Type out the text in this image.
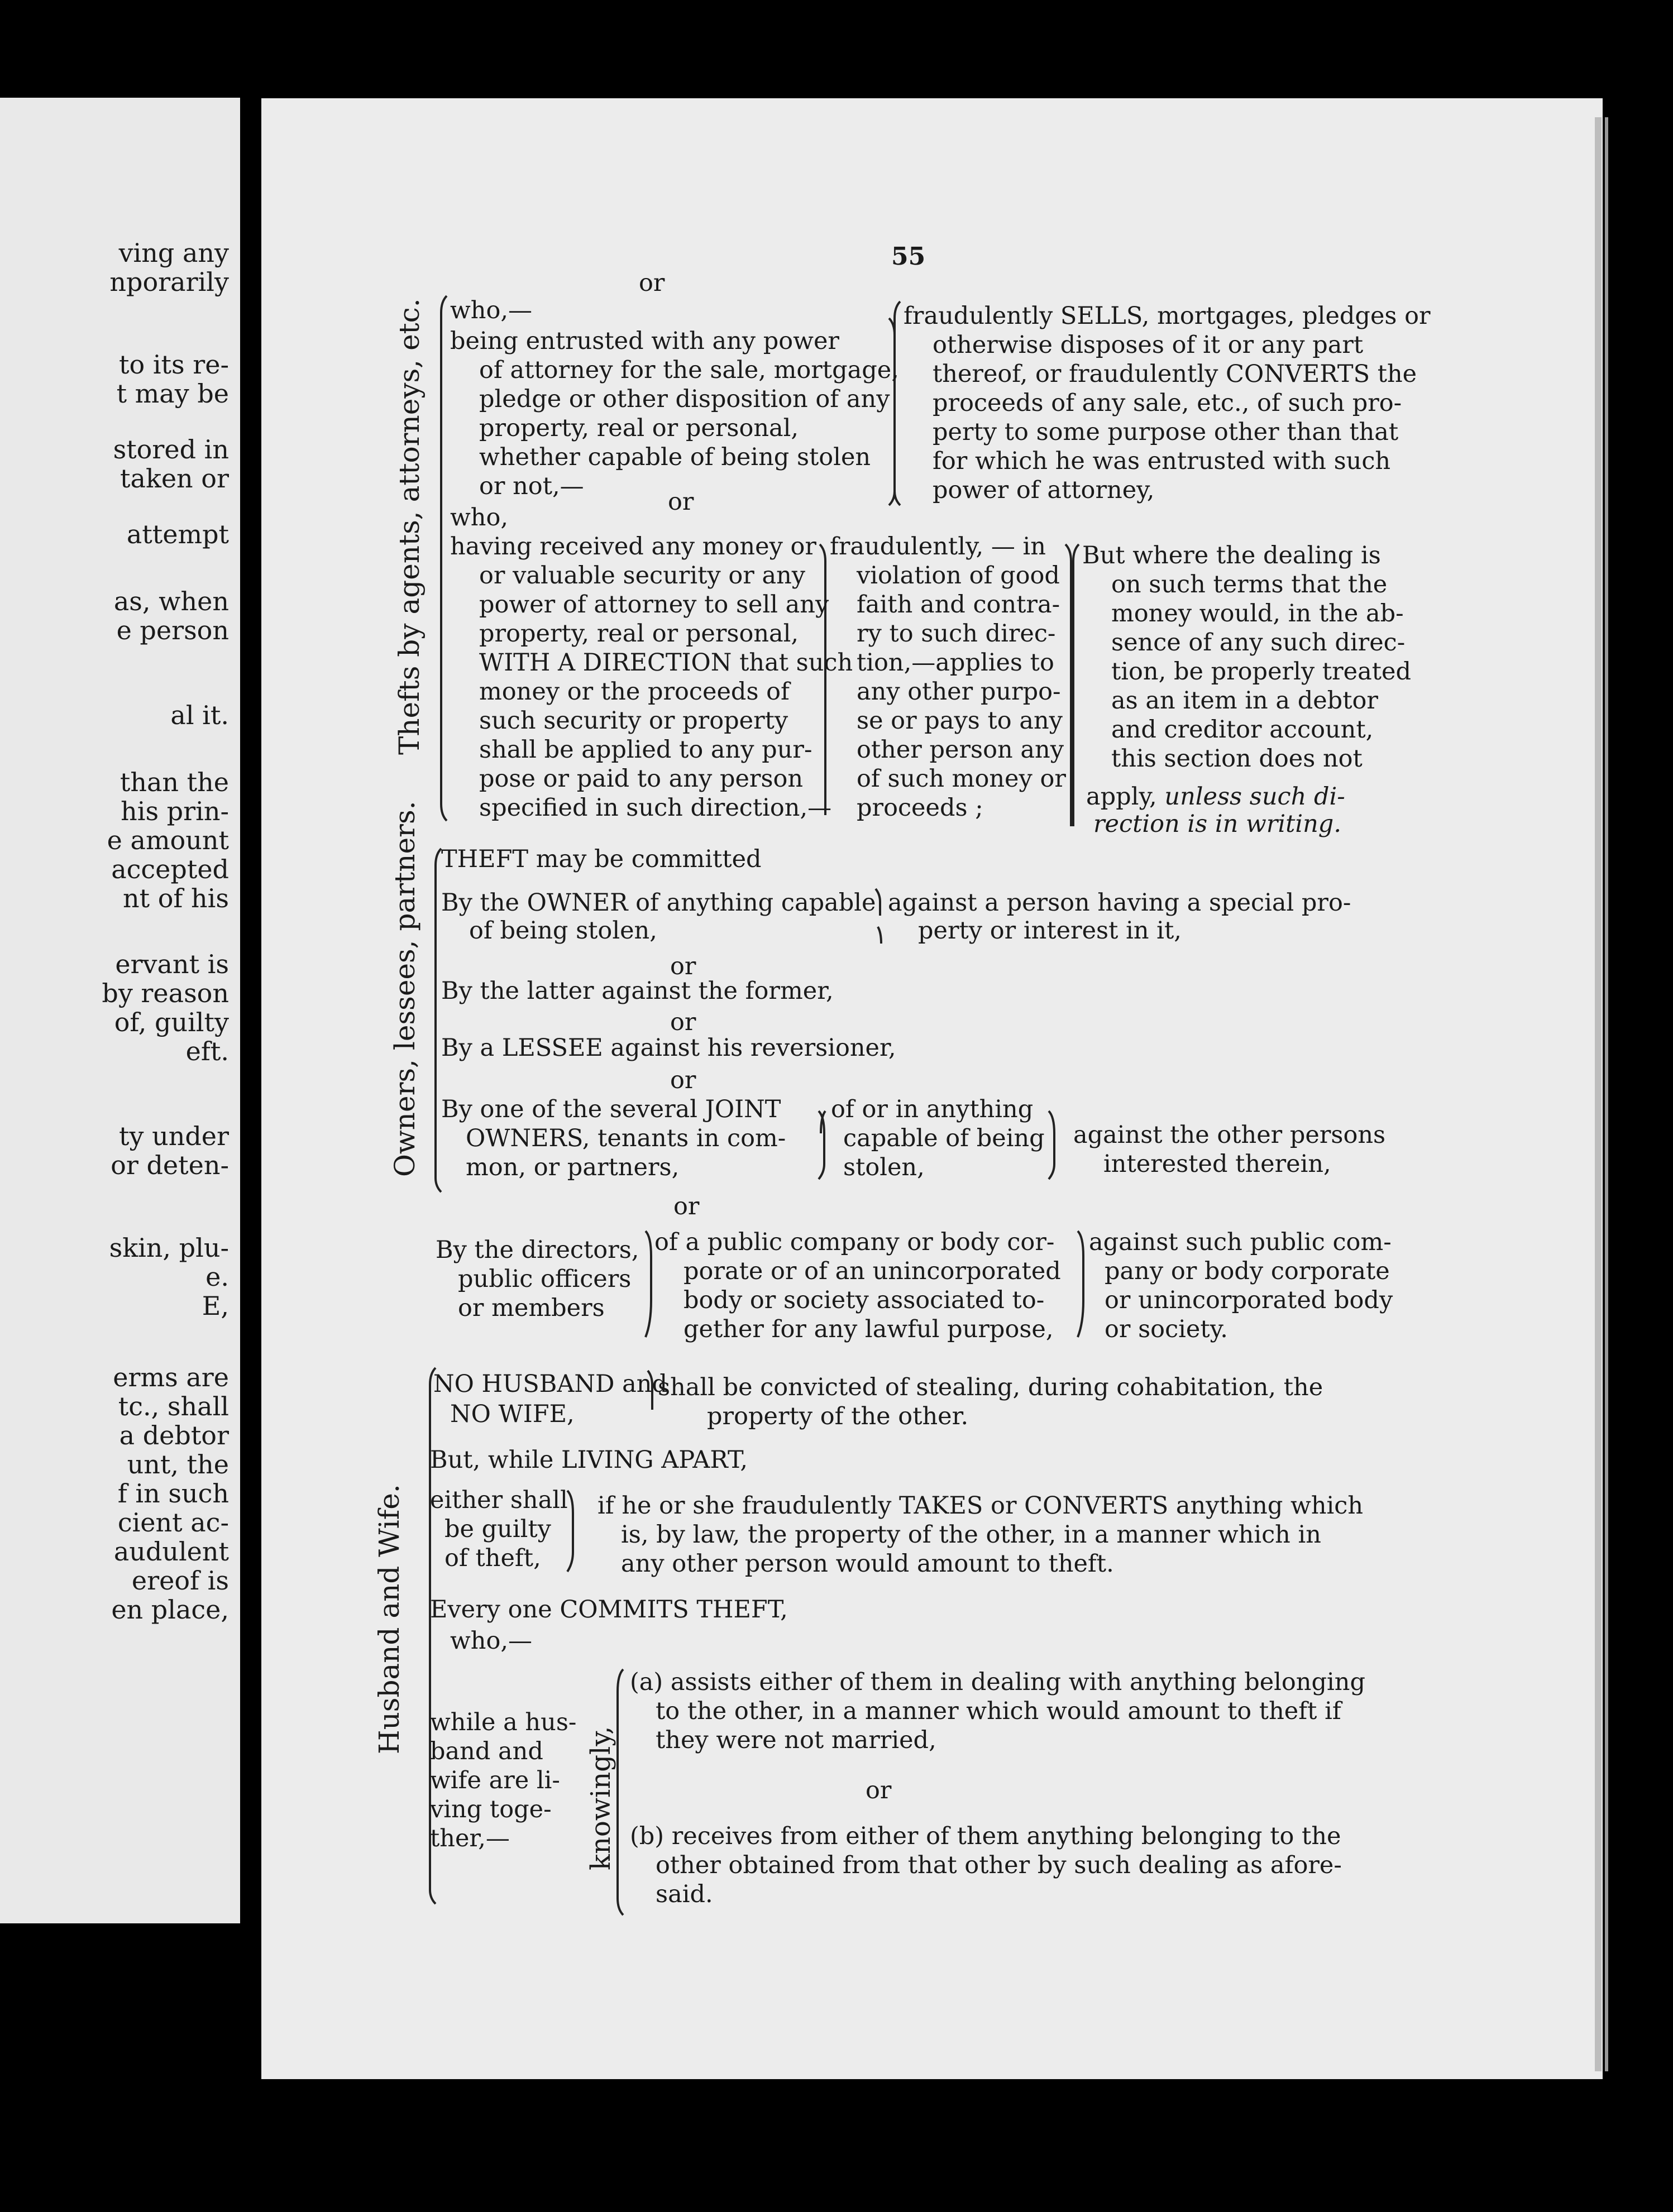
ving any
nporarily
to its re-
t may be
stored in
taken or
attempt
as, when
e person
al it.
than the
his prin-
e amount
accepted
nt of his
ervant is
by reason
of, guilty
eft.
ty under
or deten-
skin, plu-
e.
E,
erms are
tc., shall
a debtor
unt, the
f in such
cient ac-
audulent
ereof is
en place,
55
Thefts by agents, attorneys, etc.
Owners, lessees, partners.
Husband and Wife.
or
who,—
being entrusted with any power
of attorney for the sale, mortgage,
pledge or other disposition of any
property, real or personal,
whether capable of being stolen
or not,—
or
fraudulently SELLS, mortgages, pledges or
otherwise disposes of it or any part
thereof, or fraudulently CONVERTS the
proceeds of any sale, etc., of such pro-
perty to some purpose other than that
for which he was entrusted with such
power of attorney,
who,
having received any money or
or valuable security or any
power of attorney to sell any
property, real or personal,
WITH A DIRECTION that such
money or the proceeds of
such security or property
shall be applied to any pur-
pose or paid to any person
specified in such direction,—
fraudulently, — in
violation of good
faith and contra-
ry to such direc-
tion,—applies to
any other purpo-
se or pays to any
other person any
of such money or
proceeds ;
But where the dealing is
on such terms that the
money would, in the ab-
sence of any such direc-
tion, be properly treated
as an item in a debtor
and creditor account,
this section does not
apply, unless such di-
rection is in writing.
THEFT may be committed
By the OWNER of anything capable
of being stolen,
against a person having a special pro-
perty or interest in it,
or
By the latter against the former,
or
By a LESSEE against his reversioner,
or
By one of the several JOINT
OWNERS, tenants in com-
mon, or partners,
of or in anything
capable of being
stolen,
against the other persons
interested therein,
or
By the directors,
public officers
or members
of a public company or body cor-
porate or of an unincorporated
body or society associated to-
gether for any lawful purpose,
against such public com-
pany or body corporate
or unincorporated body
or society.
NO HUSBAND and
NO WIFE,
shall be convicted of stealing, during cohabitation, the
property of the other.
But, while LIVING APART,
either shall
be guilty
of theft,
if he or she fraudulently TAKES or CONVERTS anything which
is, by law, the property of the other, in a manner which in
any other person would amount to theft.
Every one COMMITS THEFT,
who,—
while a hus-
band and
wife are li-
ving toge-
ther,—	knowingly,
(a) assists either of them in dealing with anything belonging
to the other, in a manner which would amount to theft if
they were not married,
or
(b) receives from either of them anything belonging to the
other obtained from that other by such dealing as afore-
said.
